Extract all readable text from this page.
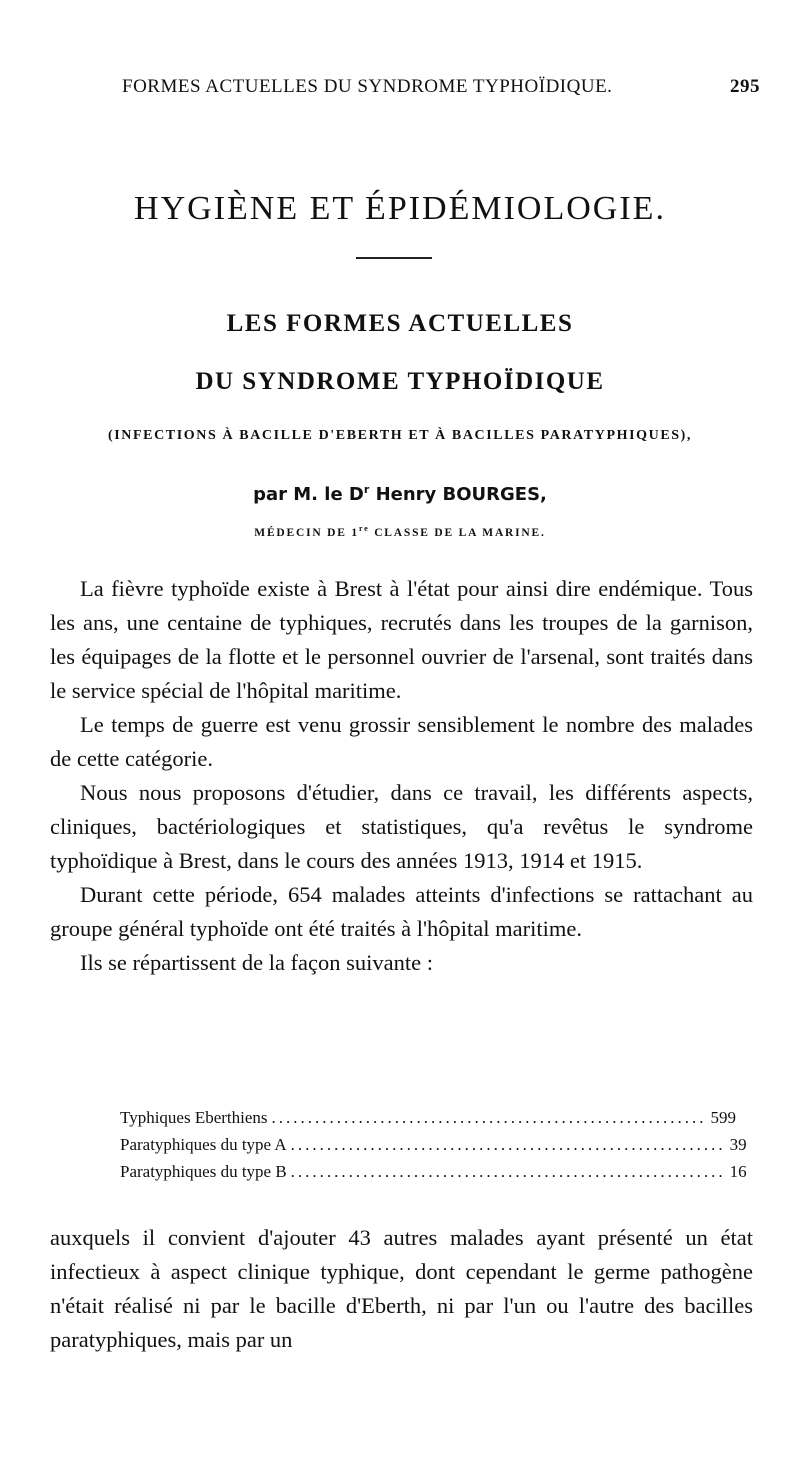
FORMES ACTUELLES DU SYNDROME TYPHOÏDIQUE.	295
HYGIÈNE ET ÉPIDÉMIOLOGIE.
LES FORMES ACTUELLES
DU SYNDROME TYPHOÏDIQUE
(INFECTIONS À BACILLE D'EBERTH ET À BACILLES PARATYPHIQUES),
par M. le $D^r$ Henry BOURGES,
MÉDECIN DE 1re CLASSE DE LA MARINE.

La fièvre typhoïde existe à Brest à l'état pour ainsi dire endémique. Tous les ans, une centaine de typhiques, recrutés dans les troupes de la garnison, les équipages de la flotte et le personnel ouvrier de l'arsenal, sont traités dans le service spécial de l'hôpital maritime.

Le temps de guerre est venu grossir sensiblement le nombre des malades de cette catégorie.

Nous nous proposons d'étudier, dans ce travail, les différents aspects, cliniques, bactériologiques et statistiques, qu'a revêtus le syndrome typhoïdique à Brest, dans le cours des années 1913, 1914 et 1915.

Durant cette période, 654 malades atteints d'infections se rattachant au groupe général typhoïde ont été traités à l'hôpital maritime.

Ils se répartissent de la façon suivante :

Typhiques Eberthiens ............................................................ 599
Paratyphiques du type A ............................................................ 39
Paratyphiques du type B ............................................................ 16

auxquels il convient d'ajouter 43 autres malades ayant présenté un état infectieux à aspect clinique typhique, dont cependant le germe pathogène n'était réalisé ni par le bacille d'Eberth, ni par l'un ou l'autre des bacilles paratyphiques, mais par un
